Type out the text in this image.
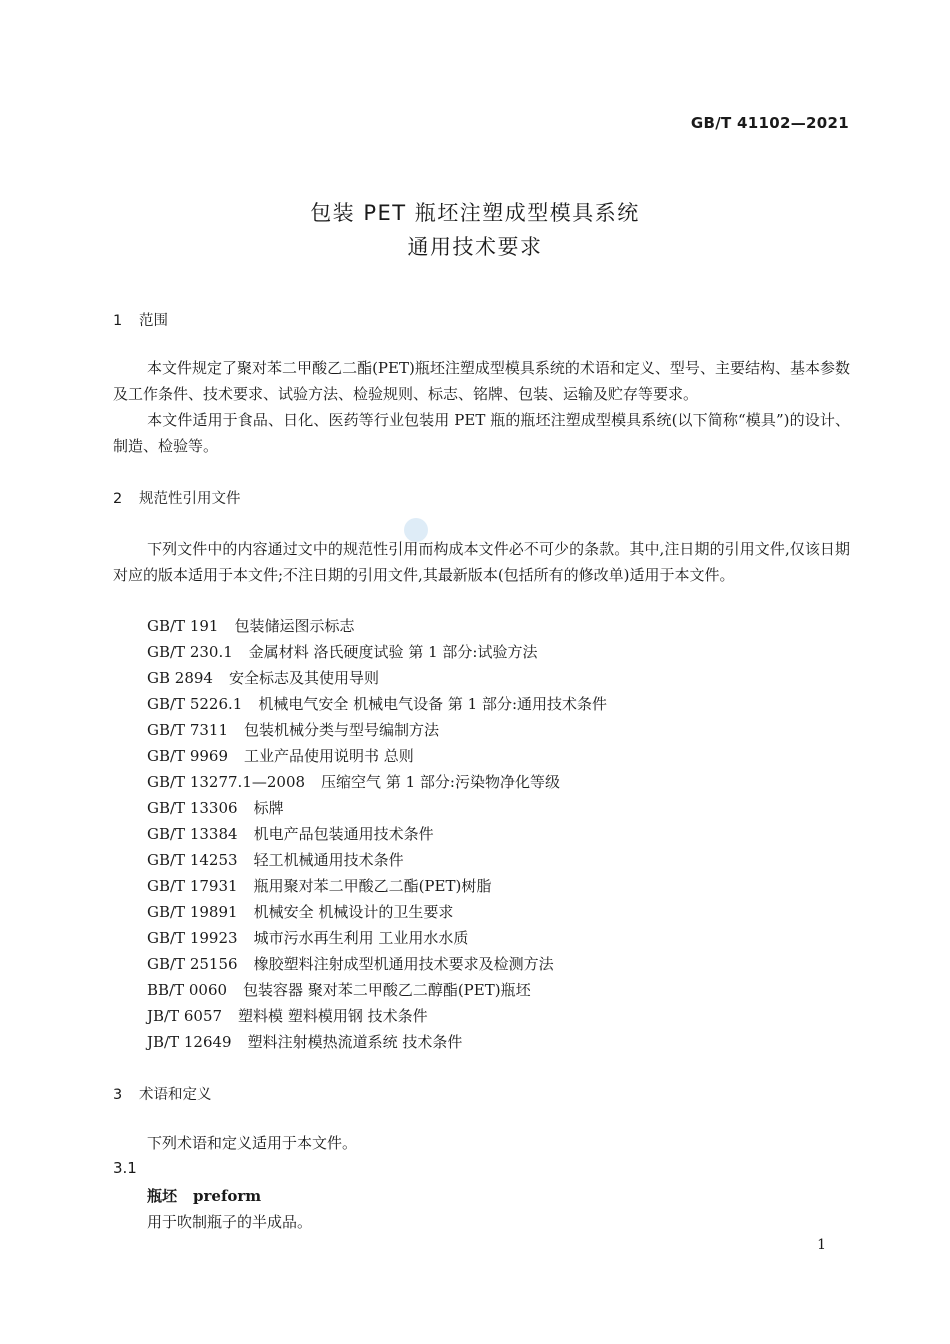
GB/T 41102—2021
包装 PET 瓶坯注塑成型模具系统
通用技术要求
1 范围
本文件规定了聚对苯二甲酸乙二酯(PET)瓶坯注塑成型模具系统的术语和定义、型号、主要结构、基本参数及工作条件、技术要求、试验方法、检验规则、标志、铭牌、包装、运输及贮存等要求。
本文件适用于食品、日化、医药等行业包装用 PET 瓶的瓶坯注塑成型模具系统(以下简称“模具”)的设计、制造、检验等。
2 规范性引用文件
下列文件中的内容通过文中的规范性引用而构成本文件必不可少的条款。其中,注日期的引用文件,仅该日期对应的版本适用于本文件;不注日期的引用文件,其最新版本(包括所有的修改单)适用于本文件。
GB/T 191 包装储运图示标志
GB/T 230.1 金属材料 洛氏硬度试验 第 1 部分:试验方法
GB 2894 安全标志及其使用导则
GB/T 5226.1 机械电气安全 机械电气设备 第 1 部分:通用技术条件
GB/T 7311 包装机械分类与型号编制方法
GB/T 9969 工业产品使用说明书 总则
GB/T 13277.1—2008 压缩空气 第 1 部分:污染物净化等级
GB/T 13306 标牌
GB/T 13384 机电产品包装通用技术条件
GB/T 14253 轻工机械通用技术条件
GB/T 17931 瓶用聚对苯二甲酸乙二酯(PET)树脂
GB/T 19891 机械安全 机械设计的卫生要求
GB/T 19923 城市污水再生利用 工业用水水质
GB/T 25156 橡胶塑料注射成型机通用技术要求及检测方法
BB/T 0060 包装容器 聚对苯二甲酸乙二醇酯(PET)瓶坯
JB/T 6057 塑料模 塑料模用钢 技术条件
JB/T 12649 塑料注射模热流道系统 技术条件
3 术语和定义
下列术语和定义适用于本文件。
3.1
瓶坯 preform
用于吹制瓶子的半成品。
1
